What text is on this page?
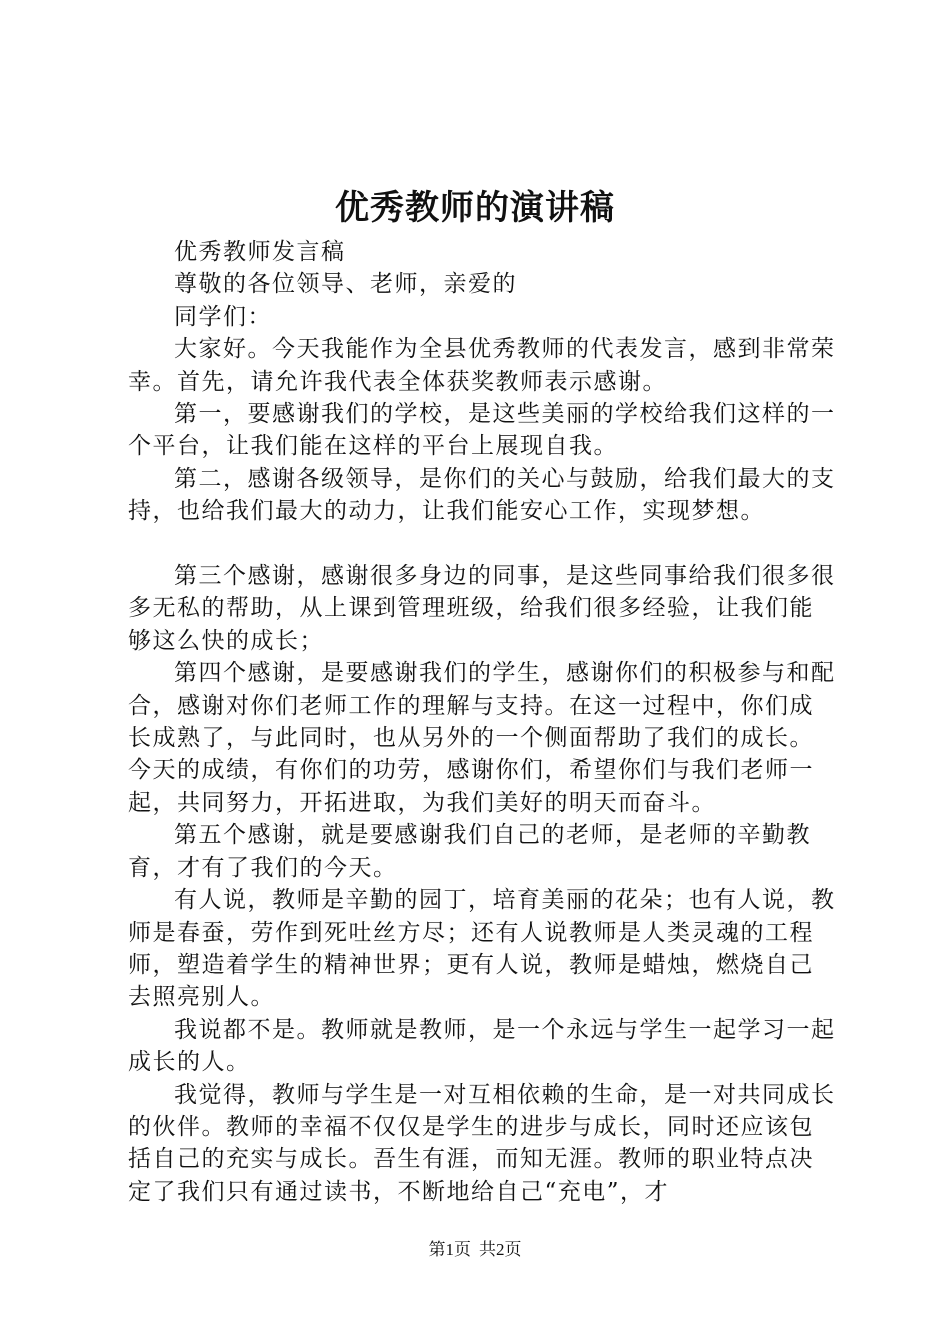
优秀教师的演讲稿

优秀教师发言稿

尊敬的各位领导、老师，亲爱的

同学们：

大家好。今天我能作为全县优秀教师的代表发言，感到非常荣幸。首先，请允许我代表全体获奖教师表示感谢。

第一，要感谢我们的学校，是这些美丽的学校给我们这样的一个平台，让我们能在这样的平台上展现自我。

第二，感谢各级领导，是你们的关心与鼓励，给我们最大的支持，也给我们最大的动力，让我们能安心工作，实现梦想。

第三个感谢，感谢很多身边的同事，是这些同事给我们很多很多无私的帮助，从上课到管理班级，给我们很多经验，让我们能够这么快的成长；

第四个感谢，是要感谢我们的学生，感谢你们的积极参与和配合，感谢对你们老师工作的理解与支持。在这一过程中，你们成长成熟了，与此同时，也从另外的一个侧面帮助了我们的成长。今天的成绩，有你们的功劳，感谢你们，希望你们与我们老师一起，共同努力，开拓进取，为我们美好的明天而奋斗。

第五个感谢，就是要感谢我们自己的老师，是老师的辛勤教育，才有了我们的今天。

有人说，教师是辛勤的园丁，培育美丽的花朵；也有人说，教师是春蚕，劳作到死吐丝方尽；还有人说教师是人类灵魂的工程师，塑造着学生的精神世界；更有人说，教师是蜡烛，燃烧自己去照亮别人。

我说都不是。教师就是教师，是一个永远与学生一起学习一起成长的人。

我觉得，教师与学生是一对互相依赖的生命，是一对共同成长的伙伴。教师的幸福不仅仅是学生的进步与成长，同时还应该包括自己的充实与成长。吾生有涯，而知无涯。教师的职业特点决定了我们只有通过读书，不断地给自己“充电”，才

第1页 共2页
